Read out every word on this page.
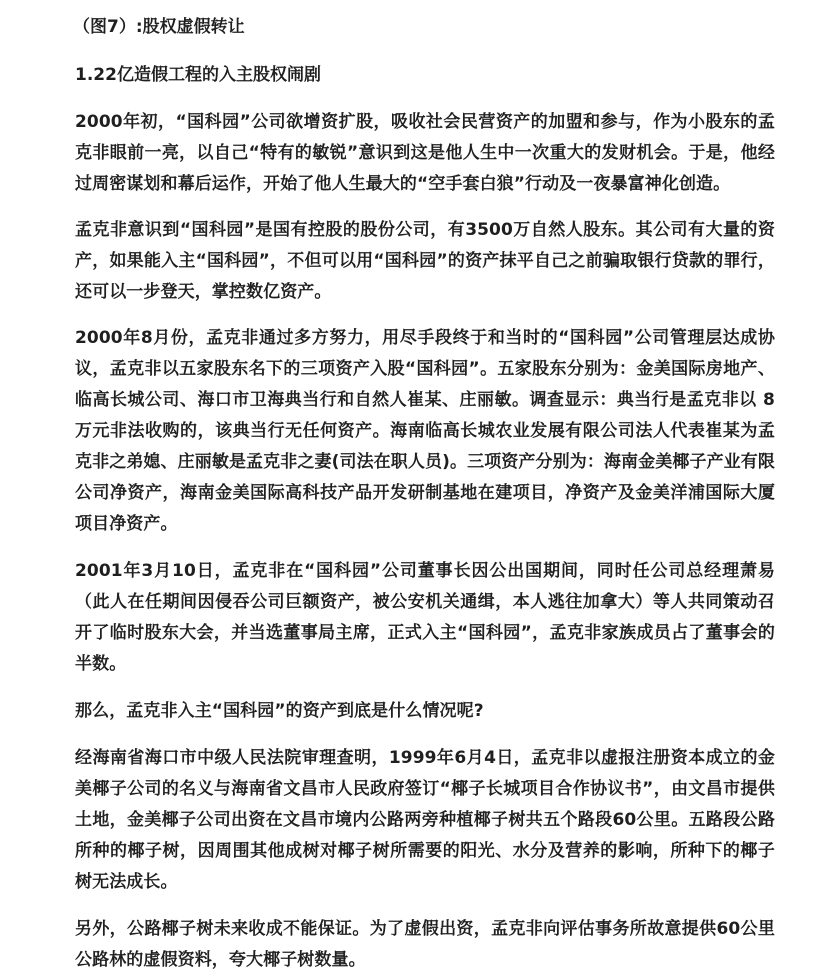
（图7）:股权虚假转让

1.22亿造假工程的入主股权闹剧

2000年初，“国科园”公司欲增资扩股，吸收社会民营资产的加盟和参与，作为小股东的孟克非眼前一亮，以自己“特有的敏锐”意识到这是他人生中一次重大的发财机会。于是，他经过周密谋划和幕后运作，开始了他人生最大的“空手套白狼”行动及一夜暴富神化创造。

孟克非意识到“国科园”是国有控股的股份公司，有3500万自然人股东。其公司有大量的资产，如果能入主“国科园”，不但可以用“国科园”的资产抹平自己之前骗取银行贷款的罪行，还可以一步登天，掌控数亿资产。

2000年8月份，孟克非通过多方努力，用尽手段终于和当时的“国科园”公司管理层达成协议，孟克非以五家股东名下的三项资产入股“国科园”。五家股东分别为：金美国际房地产、临高长城公司、海口市卫海典当行和自然人崔某、庄丽敏。调查显示：典当行是孟克非以 8 万元非法收购的，该典当行无任何资产。海南临高长城农业发展有限公司法人代表崔某为孟克非之弟媳、庄丽敏是孟克非之妻(司法在职人员)。三项资产分别为：海南金美椰子产业有限公司净资产，海南金美国际高科技产品开发研制基地在建项目，净资产及金美洋浦国际大厦项目净资产。

2001年3月10日，孟克非在“国科园”公司董事长因公出国期间，同时任公司总经理萧易（此人在任期间因侵吞公司巨额资产，被公安机关通缉，本人逃往加拿大）等人共同策动召开了临时股东大会，并当选董事局主席，正式入主“国科园”，孟克非家族成员占了董事会的半数。

那么，孟克非入主“国科园”的资产到底是什么情况呢?

经海南省海口市中级人民法院审理查明，1999年6月4日，孟克非以虚报注册资本成立的金美椰子公司的名义与海南省文昌市人民政府签订“椰子长城项目合作协议书”，由文昌市提供土地，金美椰子公司出资在文昌市境内公路两旁种植椰子树共五个路段60公里。五路段公路所种的椰子树，因周围其他成树对椰子树所需要的阳光、水分及营养的影响，所种下的椰子树无法成长。

另外，公路椰子树未来收成不能保证。为了虚假出资，孟克非向评估事务所故意提供60公里公路林的虚假资料，夸大椰子树数量。
